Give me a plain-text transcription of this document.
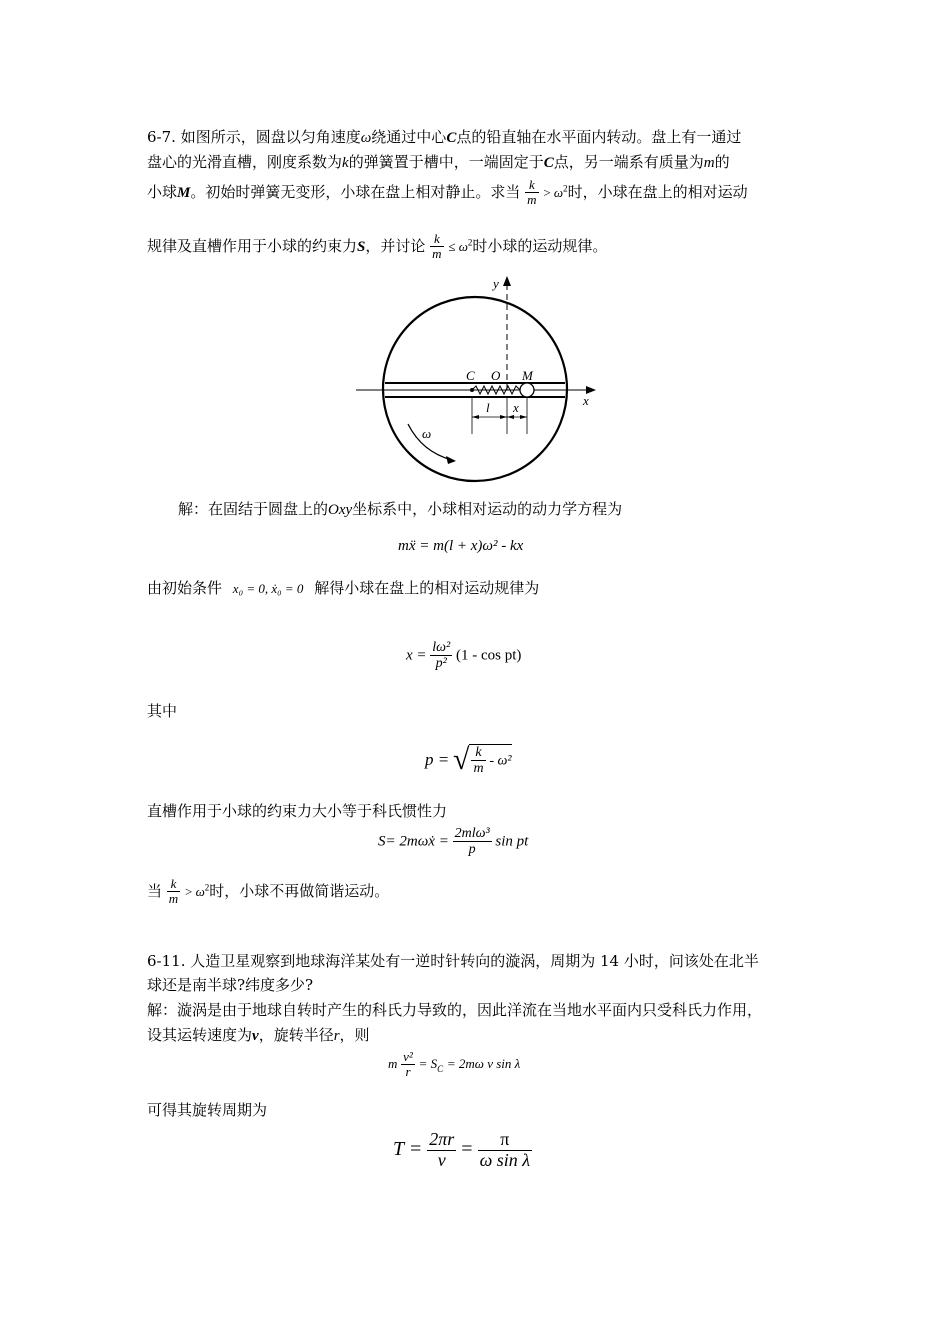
6-7. 如图所示，圆盘以匀角速度ω绕通过中心C点的铅直轴在水平面内转动。盘上有一通过
盘心的光滑直槽，刚度系数为k的弹簧置于槽中，一端固定于C点，另一端系有质量为m的
小球M。初始时弹簧无变形，小球在盘上相对静止。求当 $\frac{k}{m} > \omega^2$时，小球在盘上的相对运动
规律及直槽作用于小球的约束力S，并讨论 $\frac{k}{m} \le \omega^2$时小球的运动规律。
y
x
C O M
l x
ω
解：在固结于圆盘上的Oxy坐标系中，小球相对运动的动力学方程为
mẍ = m(l + x)ω² - kx
由初始条件 x₀ = 0, ẋ₀ = 0 解得小球在盘上的相对运动规律为
$x = \frac{\text{lω²}}{\text{p²}} (1 - \cos pt)$
其中
p = √ $\frac{k}{m} - \omega^2$
直槽作用于小球的约束力大小等于科氏惯性力
S= 2mωẋ = $\frac{\text{2mlω³}}{p}$ sin pt
当 $\frac{k}{m} > \omega^2$时，小球不再做简谐运动。
6-11. 人造卫星观察到地球海洋某处有一逆时针转向的漩涡，周期为 14 小时，问该处在北半
球还是南半球?纬度多少?
解：漩涡是由于地球自转时产生的科氏力导致的，因此洋流在当地水平面内只受科氏力作用，
设其运转速度为v，旋转半径r，则
m $\frac{\text{v²}}{r} = S_C = 2m\omega$ v sin λ
可得其旋转周期为
$T = \frac{2\pi r}{v} = \frac{\pi}{\text{ω sin λ}}$
